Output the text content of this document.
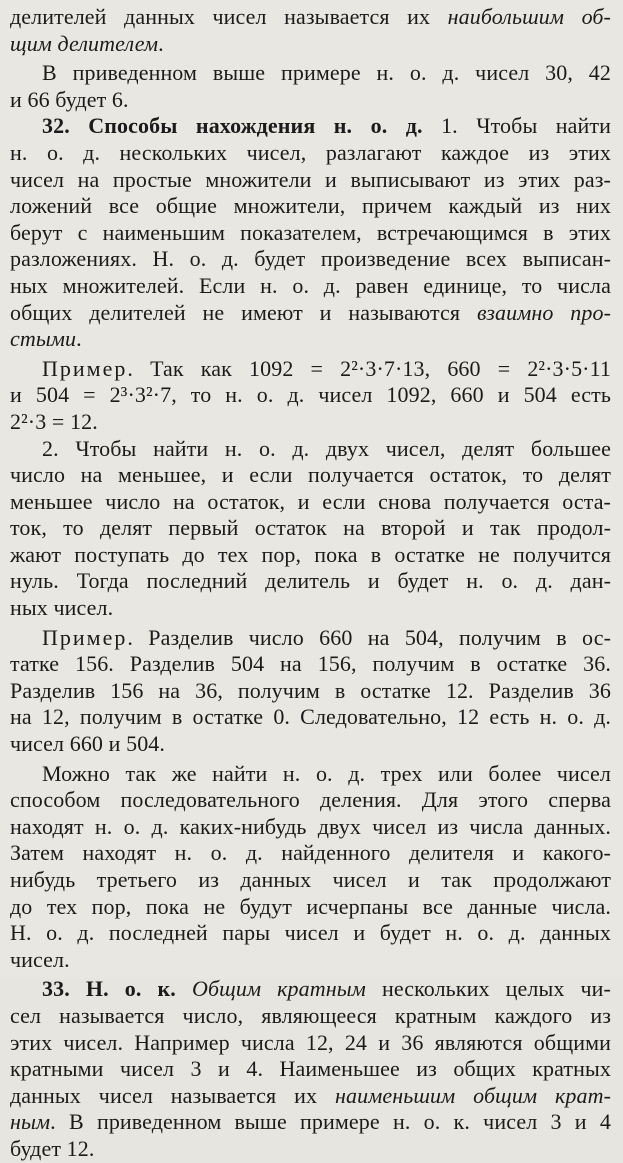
делителей данных чисел называется их наибольшим об-
щим делителем.
В приведенном выше примере н. о. д. чисел 30, 42
и 66 будет 6.
32. Способы нахождения н. о. д. 1. Чтобы найти
н. о. д. нескольких чисел, разлагают каждое из этих
чисел на простые множители и выписывают из этих раз-
ложений все общие множители, причем каждый из них
берут с наименьшим показателем, встречающимся в этих
разложениях. Н. о. д. будет произведение всех выписан-
ных множителей. Если н. о. д. равен единице, то числа
общих делителей не имеют и называются взаимно про-
стыми.
Пример. Так как 1092 = 2²·3·7·13, 660 = 2²·3·5·11
и 504 = 2³·3²·7, то н. о. д. чисел 1092, 660 и 504 есть
2²·3 = 12.
2. Чтобы найти н. о. д. двух чисел, делят большее
число на меньшее, и если получается остаток, то делят
меньшее число на остаток, и если снова получается оста-
ток, то делят первый остаток на второй и так продол-
жают поступать до тех пор, пока в остатке не получится
нуль. Тогда последний делитель и будет н. о. д. дан-
ных чисел.
Пример. Разделив число 660 на 504, получим в ос-
татке 156. Разделив 504 на 156, получим в остатке 36.
Разделив 156 на 36, получим в остатке 12. Разделив 36
на 12, получим в остатке 0. Следовательно, 12 есть н. о. д.
чисел 660 и 504.
Можно так же найти н. о. д. трех или более чисел
способом последовательного деления. Для этого сперва
находят н. о. д. каких-нибудь двух чисел из числа данных.
Затем находят н. о. д. найденного делителя и какого-
нибудь третьего из данных чисел и так продолжают
до тех пор, пока не будут исчерпаны все данные числа.
Н. о. д. последней пары чисел и будет н. о. д. данных
чисел.
33. Н. о. к. Общим кратным нескольких целых чи-
сел называется число, являющееся кратным каждого из
этих чисел. Например числа 12, 24 и 36 являются общими
кратными чисел 3 и 4. Наименьшее из общих кратных
данных чисел называется их наименьшим общим крат-
ным. В приведенном выше примере н. о. к. чисел 3 и 4
будет 12.
